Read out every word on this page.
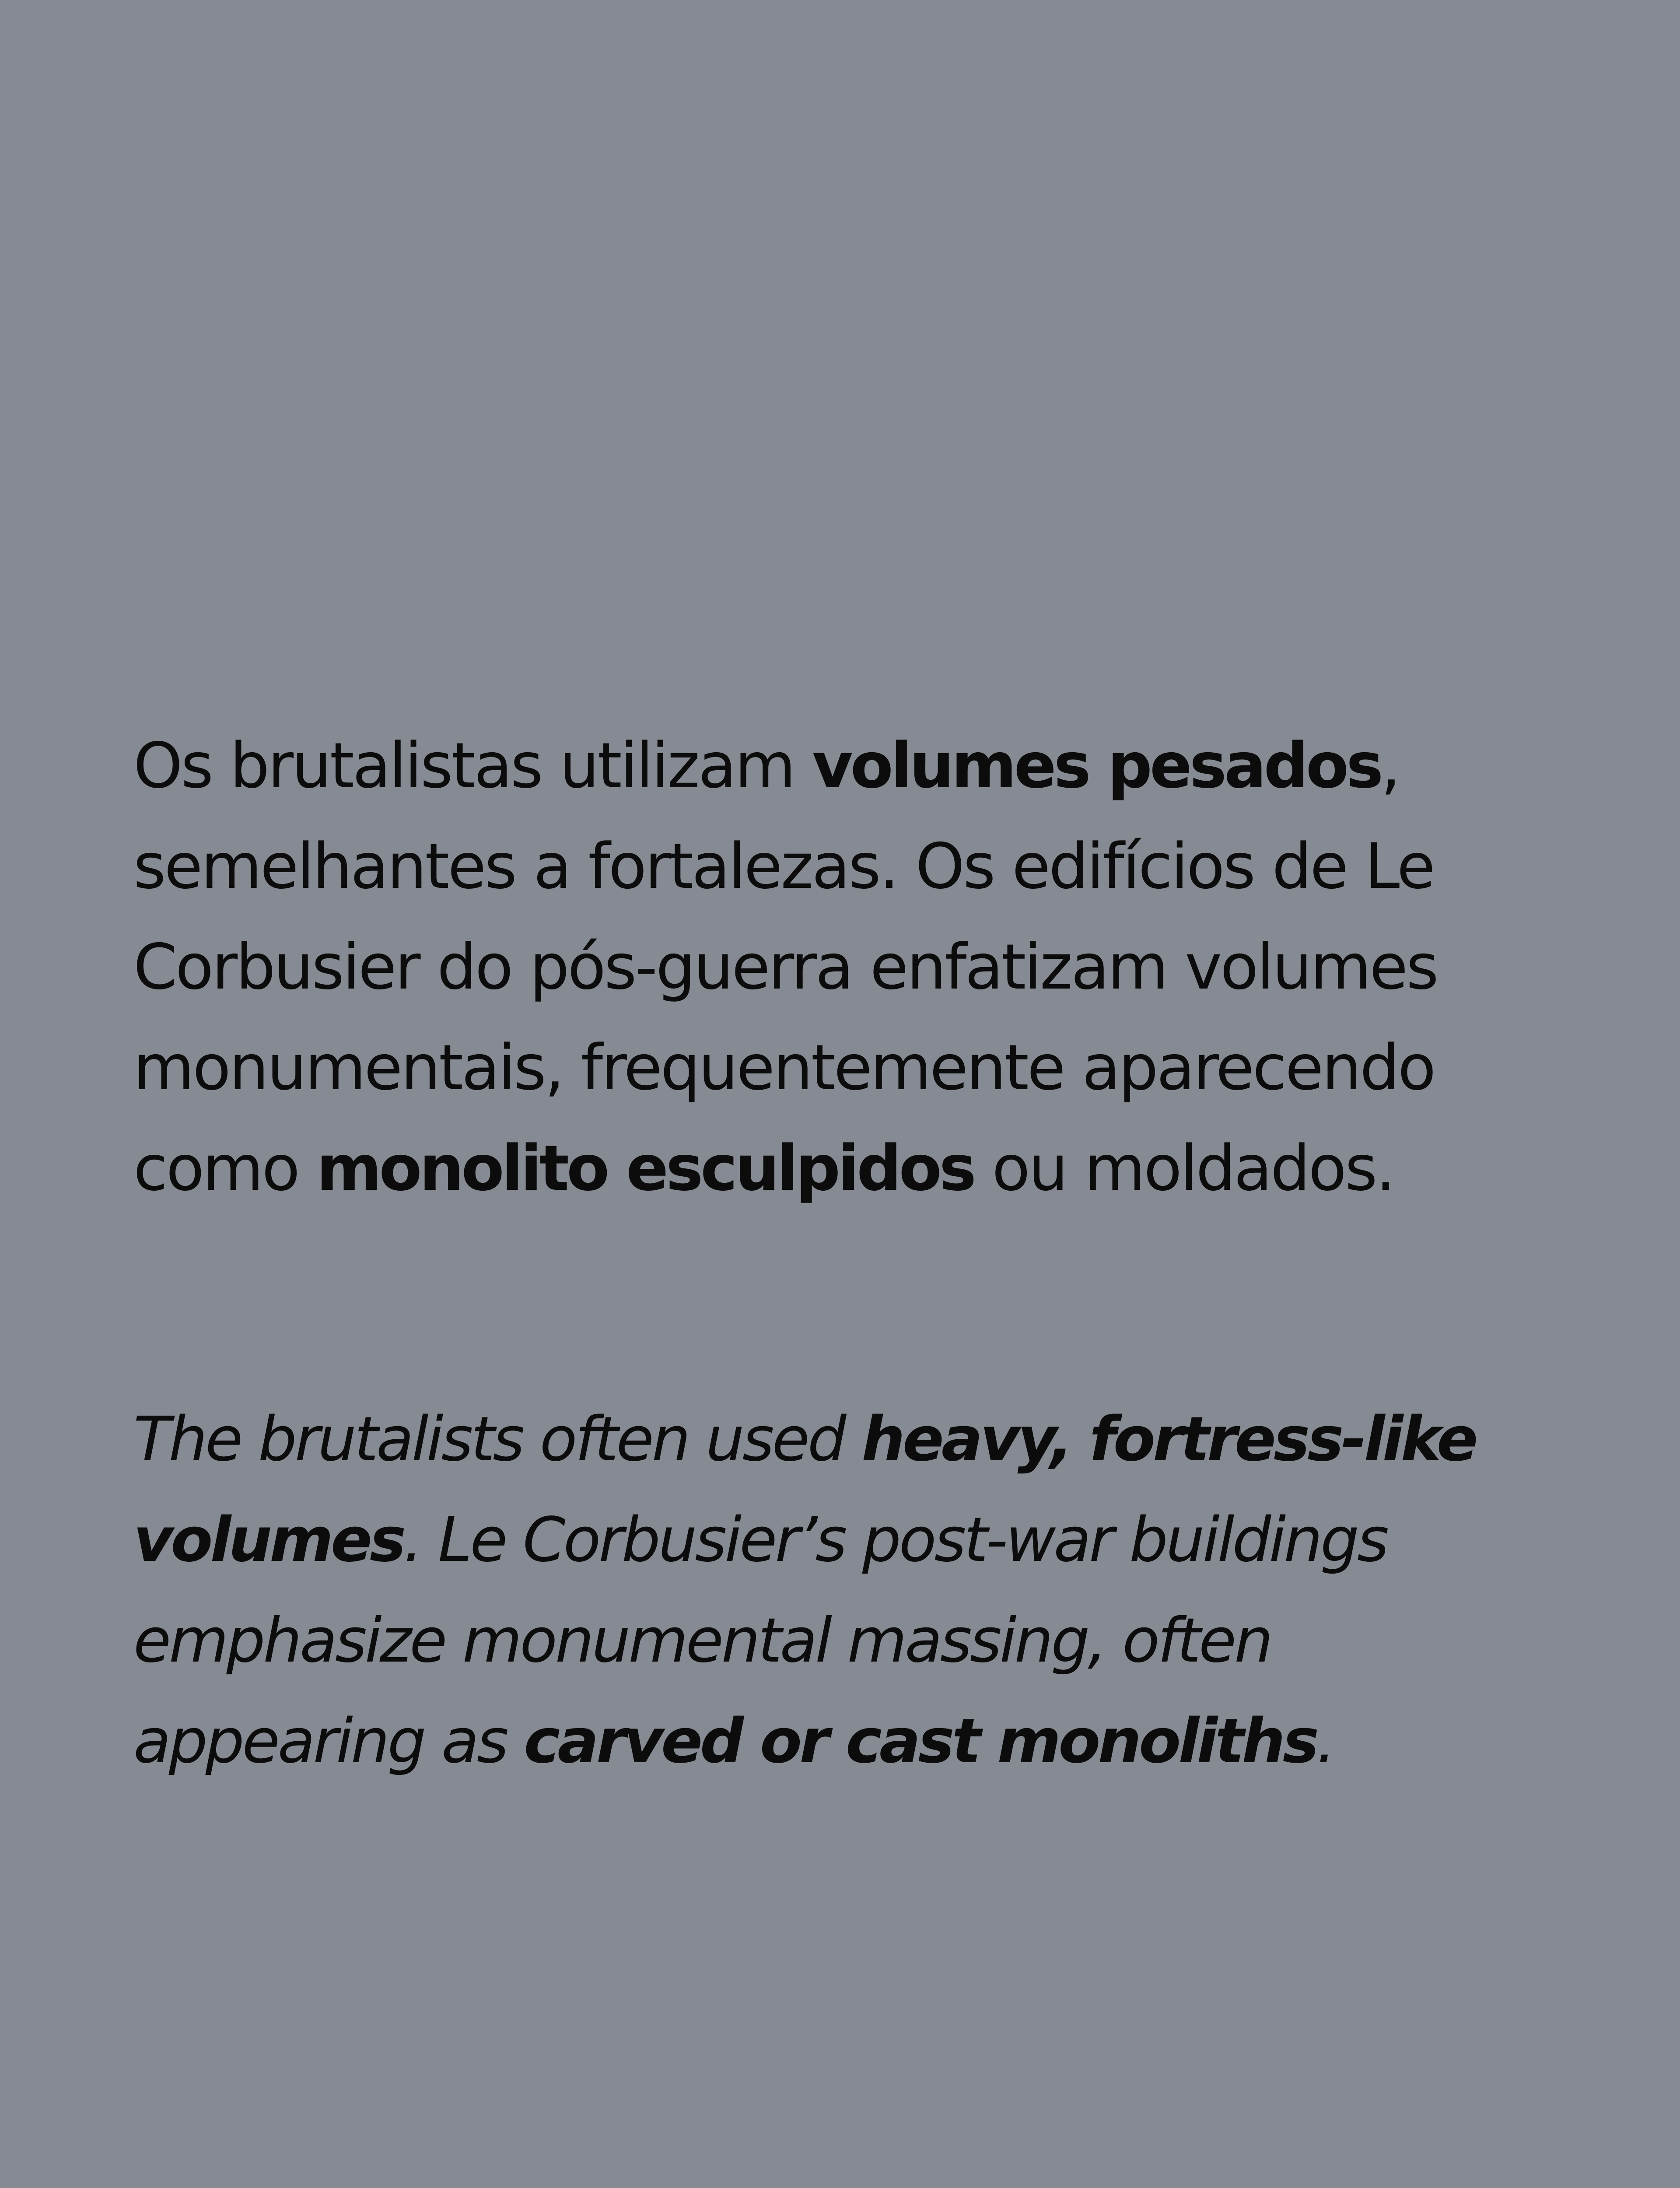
Os brutalistas utilizam volumes pesados,
semelhantes a fortalezas. Os edifícios de Le
Corbusier do pós-guerra enfatizam volumes
monumentais, frequentemente aparecendo
como monolito esculpidos ou moldados.

The brutalists often used heavy, fortress-like
volumes. Le Corbusier’s post-war buildings
emphasize monumental massing, often
appearing as carved or cast monoliths.
